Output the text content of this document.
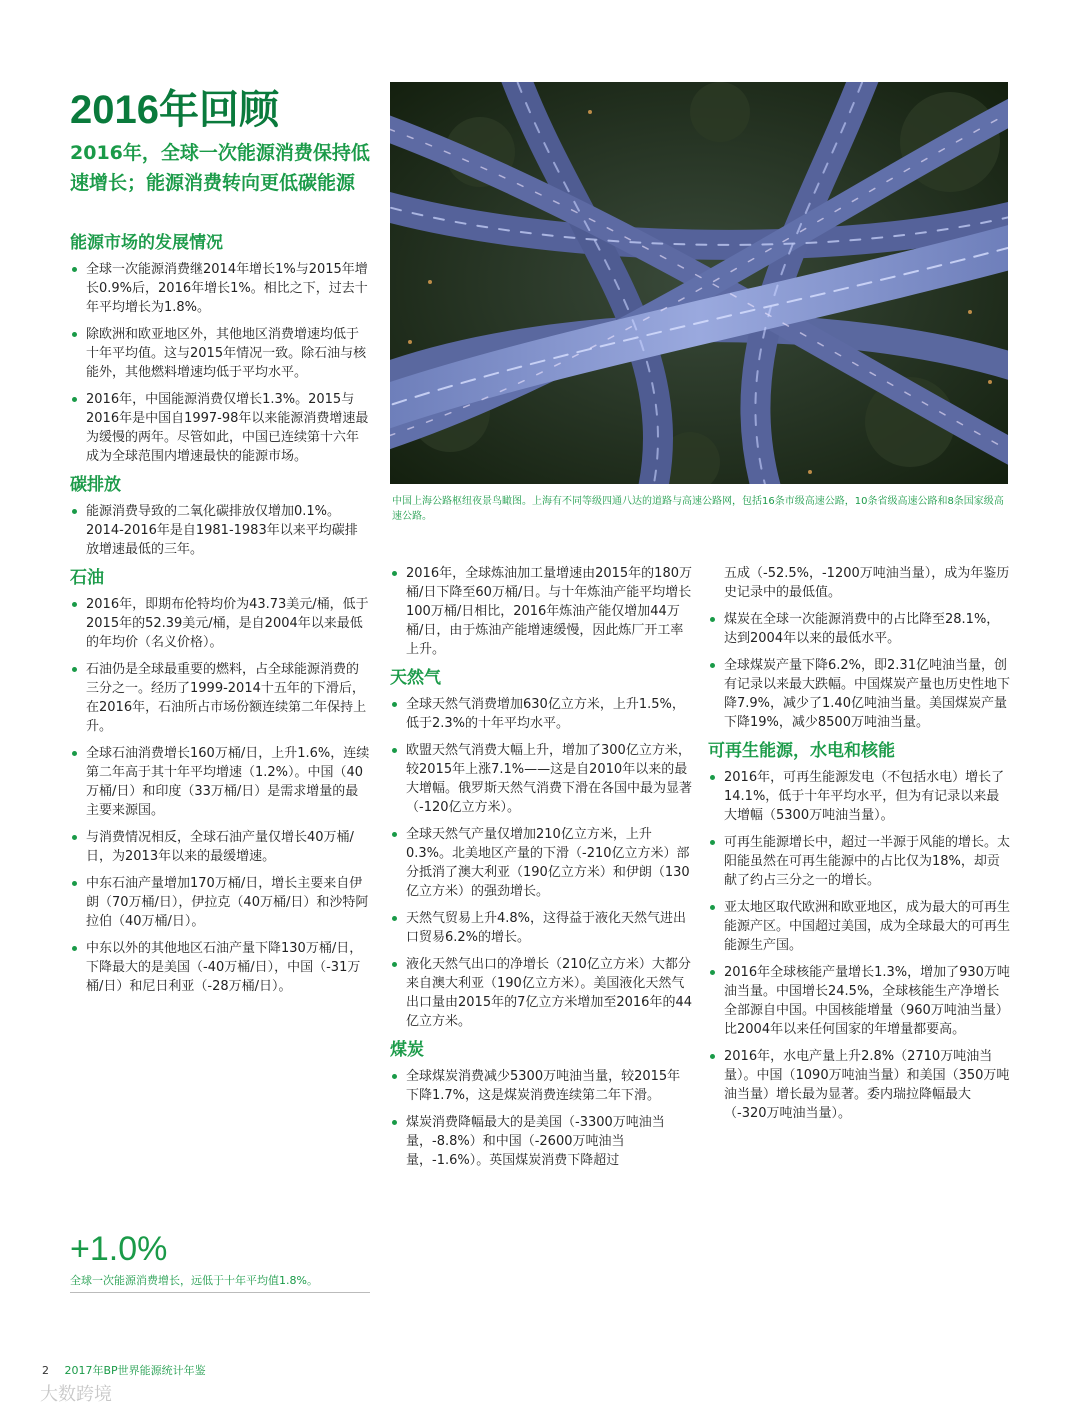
2016年回顾

2016年，全球一次能源消费保持低速增长；能源消费转向更低碳能源

中国上海公路枢纽夜景鸟瞰图。上海有不同等级四通八达的道路与高速公路网，包括16条市级高速公路，10条省级高速公路和8条国家级高速公路。

能源市场的发展情况
全球一次能源消费继2014年增长1%与2015年增长0.9%后，2016年增长1%。相比之下，过去十年平均增长为1.8%。
除欧洲和欧亚地区外，其他地区消费增速均低于十年平均值。这与2015年情况一致。除石油与核能外，其他燃料增速均低于平均水平。
2016年，中国能源消费仅增长1.3%。2015与2016年是中国自1997-98年以来能源消费增速最为缓慢的两年。尽管如此，中国已连续第十六年成为全球范围内增速最快的能源市场。
碳排放
能源消费导致的二氧化碳排放仅增加0.1%。2014-2016年是自1981-1983年以来平均碳排放增速最低的三年。
石油
2016年，即期布伦特均价为43.73美元/桶，低于2015年的52.39美元/桶，是自2004年以来最低的年均价（名义价格）。
石油仍是全球最重要的燃料，占全球能源消费的三分之一。经历了1999-2014十五年的下滑后，在2016年，石油所占市场份额连续第二年保持上升。
全球石油消费增长160万桶/日，上升1.6%，连续第二年高于其十年平均增速（1.2%）。中国（40万桶/日）和印度（33万桶/日）是需求增量的最主要来源国。
与消费情况相反，全球石油产量仅增长40万桶/日，为2013年以来的最缓增速。
中东石油产量增加170万桶/日，增长主要来自伊朗（70万桶/日），伊拉克（40万桶/日）和沙特阿拉伯（40万桶/日）。
中东以外的其他地区石油产量下降130万桶/日，下降最大的是美国（-40万桶/日），中国（-31万桶/日）和尼日利亚（-28万桶/日）。
+1.0%
全球一次能源消费增长，远低于十年平均值1.8%。
2016年，全球炼油加工量增速由2015年的180万桶/日下降至60万桶/日。与十年炼油产能平均增长100万桶/日相比，2016年炼油产能仅增加44万桶/日，由于炼油产能增速缓慢，因此炼厂开工率上升。
天然气
全球天然气消费增加630亿立方米，上升1.5%，低于2.3%的十年平均水平。
欧盟天然气消费大幅上升，增加了300亿立方米，较2015年上涨7.1%——这是自2010年以来的最大增幅。俄罗斯天然气消费下滑在各国中最为显著（-120亿立方米）。
全球天然气产量仅增加210亿立方米，上升0.3%。北美地区产量的下滑（-210亿立方米）部分抵消了澳大利亚（190亿立方米）和伊朗（130亿立方米）的强劲增长。
天然气贸易上升4.8%，这得益于液化天然气进出口贸易6.2%的增长。
液化天然气出口的净增长（210亿立方米）大都分来自澳大利亚（190亿立方米）。美国液化天然气出口量由2015年的7亿立方米增加至2016年的44亿立方米。
煤炭
全球煤炭消费减少5300万吨油当量，较2015年下降1.7%，这是煤炭消费连续第二年下滑。
煤炭消费降幅最大的是美国（-3300万吨油当量，-8.8%）和中国（-2600万吨油当量，-1.6%）。英国煤炭消费下降超过
五成（-52.5%，-1200万吨油当量），成为年鉴历史记录中的最低值。
煤炭在全球一次能源消费中的占比降至28.1%，达到2004年以来的最低水平。
全球煤炭产量下降6.2%，即2.31亿吨油当量，创有记录以来最大跌幅。中国煤炭产量也历史性地下降7.9%，减少了1.40亿吨油当量。美国煤炭产量下降19%，减少8500万吨油当量。
可再生能源，水电和核能
2016年，可再生能源发电（不包括水电）增长了14.1%，低于十年平均水平，但为有记录以来最大增幅（5300万吨油当量）。
可再生能源增长中，超过一半源于风能的增长。太阳能虽然在可再生能源中的占比仅为18%，却贡献了约占三分之一的增长。
亚太地区取代欧洲和欧亚地区，成为最大的可再生能源产区。中国超过美国，成为全球最大的可再生能源生产国。
2016年全球核能产量增长1.3%，增加了930万吨油当量。中国增长24.5%，全球核能生产净增长全部源自中国。中国核能增量（960万吨油当量）比2004年以来任何国家的年增量都要高。
2016年，水电产量上升2.8%（2710万吨油当量）。中国（1090万吨油当量）和美国（350万吨油当量）增长最为显著。委内瑞拉降幅最大（-320万吨油当量）。
2 2017年BP世界能源统计年鉴
大数跨境
